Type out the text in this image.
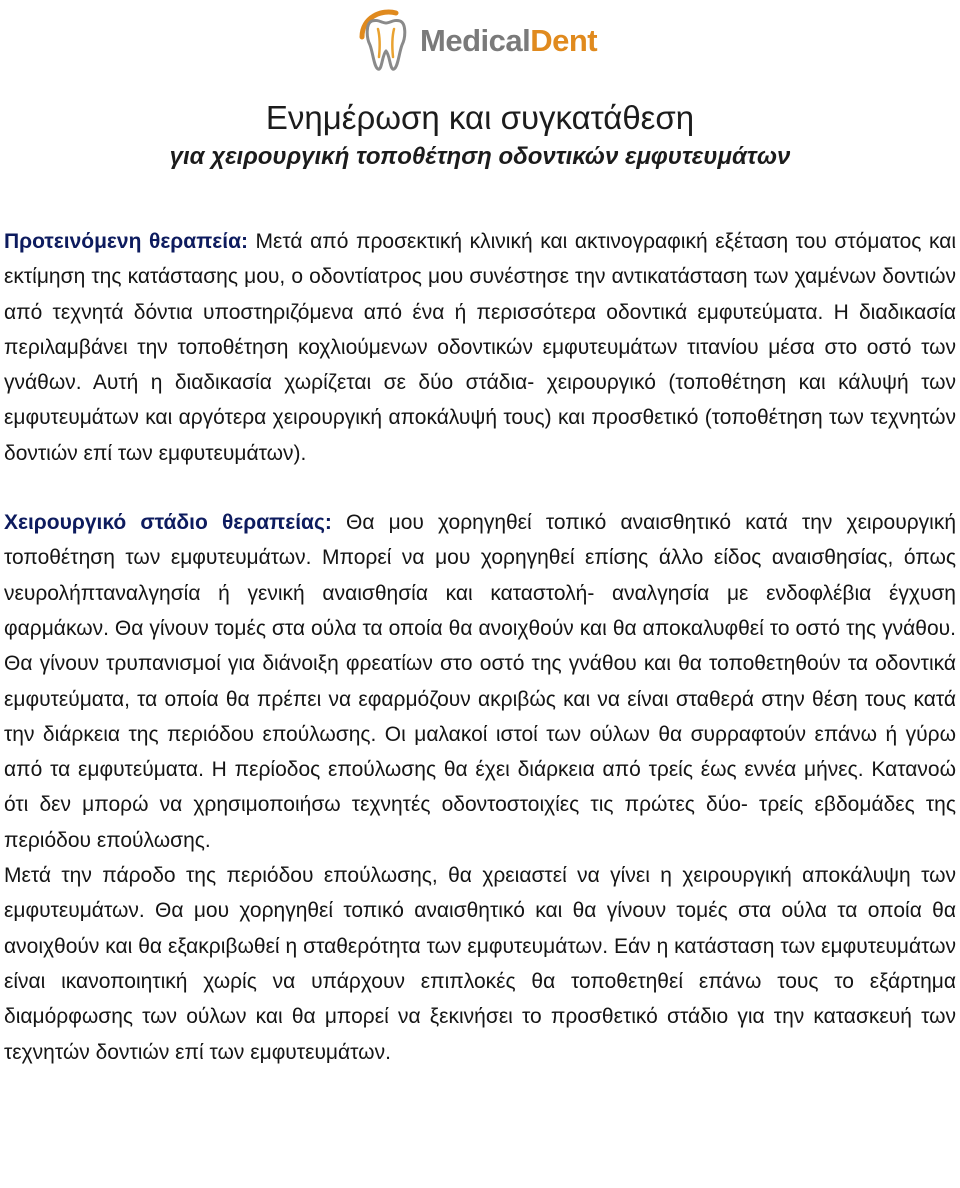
MedicalDent
Ενημέρωση και συγκατάθεση
για χειρουργική τοποθέτηση οδοντικών εμφυτευμάτων

Προτεινόμενη θεραπεία: Μετά από προσεκτική κλινική και ακτινογραφική εξέταση του στόματος και εκτίμηση της κατάστασης μου, ο οδοντίατρος μου συνέστησε την αντικατάσταση των χαμένων δοντιών από τεχνητά δόντια υποστηριζόμενα από ένα ή περισσότερα οδοντικά εμφυτεύματα. Η διαδικασία περιλαμβάνει την τοποθέτηση κοχλιούμενων οδοντικών εμφυτευμάτων τιτανίου μέσα στο οστό των γνάθων. Αυτή η διαδικασία χωρίζεται σε δύο στάδια- χειρουργικό (τοποθέτηση και κάλυψή των εμφυτευμάτων και αργότερα χειρουργική αποκάλυψή τους) και προσθετικό (τοποθέτηση των τεχνητών δοντιών επί των εμφυτευμάτων).

Χειρουργικό στάδιο θεραπείας: Θα μου χορηγηθεί τοπικό αναισθητικό κατά την χειρουργική τοποθέτηση των εμφυτευμάτων. Μπορεί να μου χορηγηθεί επίσης άλλο είδος αναισθησίας, όπως νευρολήπταναλγησία ή γενική αναισθησία και καταστολή- αναλγησία με ενδοφλέβια έγχυση φαρμάκων. Θα γίνουν τομές στα ούλα τα οποία θα ανοιχθούν και θα αποκαλυφθεί το οστό της γνάθου. Θα γίνουν τρυπανισμοί για διάνοιξη φρεατίων στο οστό της γνάθου και θα τοποθετηθούν τα οδοντικά εμφυτεύματα, τα οποία θα πρέπει να εφαρμόζουν ακριβώς και να είναι σταθερά στην θέση τους κατά την διάρκεια της περιόδου επούλωσης. Οι μαλακοί ιστοί των ούλων θα συρραφτούν επάνω ή γύρω από τα εμφυτεύματα. Η περίοδος επούλωσης θα έχει διάρκεια από τρείς έως εννέα μήνες. Κατανοώ ότι δεν μπορώ να χρησιμοποιήσω τεχνητές οδοντοστοιχίες τις πρώτες δύο- τρείς εβδομάδες της περιόδου επούλωσης.

Μετά την πάροδο της περιόδου επούλωσης, θα χρειαστεί να γίνει η χειρουργική αποκάλυψη των εμφυτευμάτων. Θα μου χορηγηθεί τοπικό αναισθητικό και θα γίνουν τομές στα ούλα τα οποία θα ανοιχθούν και θα εξακριβωθεί η σταθερότητα των εμφυτευμάτων. Εάν η κατάσταση των εμφυτευμάτων είναι ικανοποιητική χωρίς να υπάρχουν επιπλοκές θα τοποθετηθεί επάνω τους το εξάρτημα διαμόρφωσης των ούλων και θα μπορεί να ξεκινήσει το προσθετικό στάδιο για την κατασκευή των τεχνητών δοντιών επί των εμφυτευμάτων.
